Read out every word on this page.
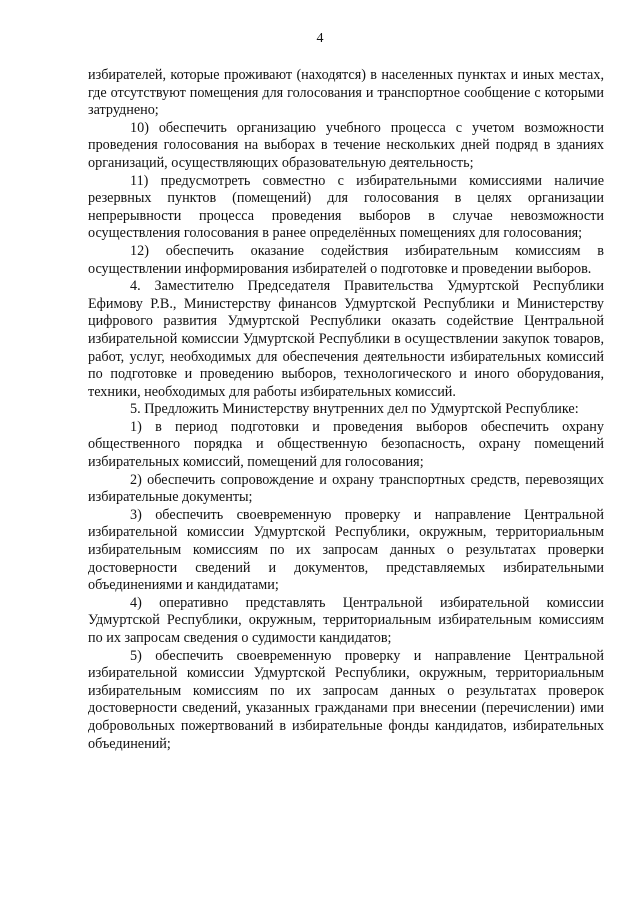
4

избирателей, которые проживают (находятся) в населенных пунктах и иных местах, где отсутствуют помещения для голосования и транспортное сообщение с которыми затруднено;

10) обеспечить организацию учебного процесса с учетом возможности проведения голосования на выборах в течение нескольких дней подряд в зданиях организаций, осуществляющих образовательную деятельность;

11) предусмотреть совместно с избирательными комиссиями наличие резервных пунктов (помещений) для голосования в целях организации непрерывности процесса проведения выборов в случае невозможности осуществления голосования в ранее определённых помещениях для голосования;

12) обеспечить оказание содействия избирательным комиссиям в осуществлении информирования избирателей о подготовке и проведении выборов.

4. Заместителю Председателя Правительства Удмуртской Республики Ефимову Р.В., Министерству финансов Удмуртской Республики и Министерству цифрового развития Удмуртской Республики оказать содействие Центральной избирательной комиссии Удмуртской Республики в осуществлении закупок товаров, работ, услуг, необходимых для обеспечения деятельности избирательных комиссий по подготовке и проведению выборов, технологического и иного оборудования, техники, необходимых для работы избирательных комиссий.

5. Предложить Министерству внутренних дел по Удмуртской Республике:

1) в период подготовки и проведения выборов обеспечить охрану общественного порядка и общественную безопасность, охрану помещений избирательных комиссий, помещений для голосования;

2) обеспечить сопровождение и охрану транспортных средств, перевозящих избирательные документы;

3) обеспечить своевременную проверку и направление Центральной избирательной комиссии Удмуртской Республики, окружным, территориальным избирательным комиссиям по их запросам данных о результатах проверки достоверности сведений и документов, представляемых избирательными объединениями и кандидатами;

4) оперативно представлять Центральной избирательной комиссии Удмуртской Республики, окружным, территориальным избирательным комиссиям по их запросам сведения о судимости кандидатов;

5) обеспечить своевременную проверку и направление Центральной избирательной комиссии Удмуртской Республики, окружным, территориальным избирательным комиссиям по их запросам данных о результатах проверок достоверности сведений, указанных гражданами при внесении (перечислении) ими добровольных пожертвований в избирательные фонды кандидатов, избирательных объединений;
